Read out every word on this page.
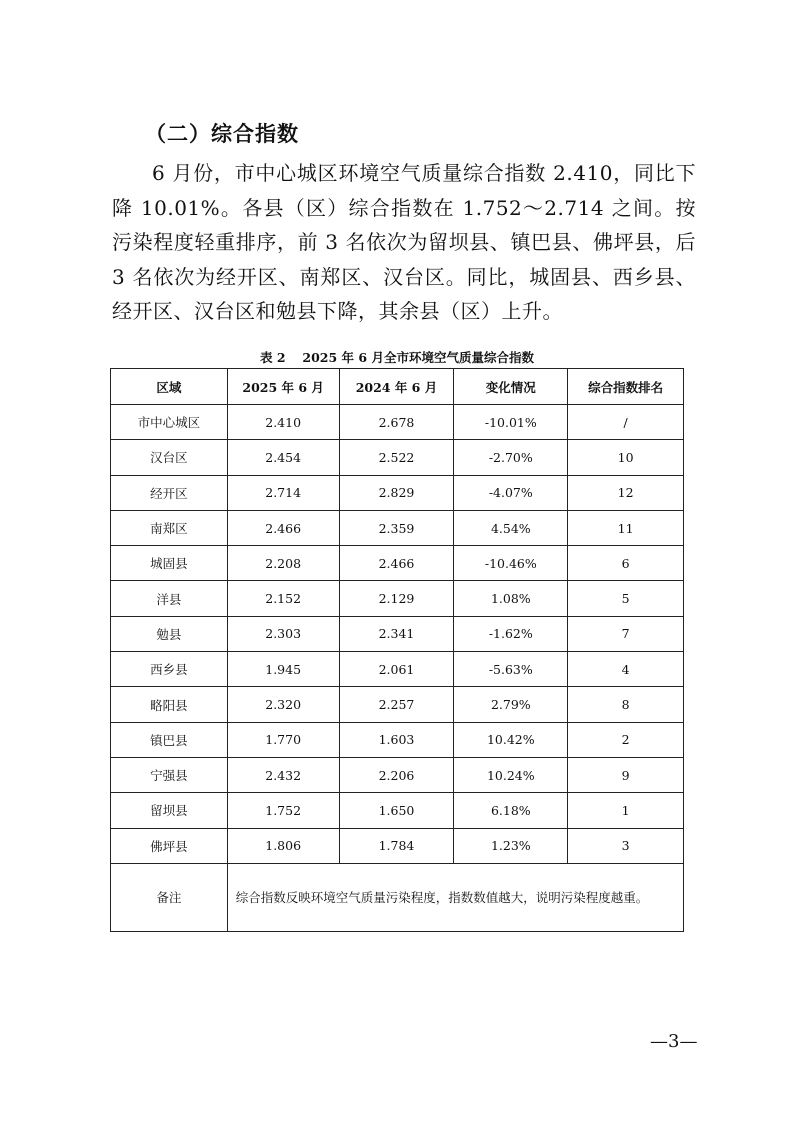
（二）综合指数

6 月份，市中心城区环境空气质量综合指数 2.410，同比下降 10.01%。各县（区）综合指数在 1.752～2.714 之间。按污染程度轻重排序，前 3 名依次为留坝县、镇巴县、佛坪县，后 3 名依次为经开区、南郑区、汉台区。同比，城固县、西乡县、经开区、汉台区和勉县下降，其余县（区）上升。

表 2　 2025 年 6 月全市环境空气质量综合指数
区域	2025 年 6 月	2024 年 6 月	变化情况	综合指数排名
市中心城区	2.410	2.678	-10.01%	/
汉台区	2.454	2.522	-2.70%	10
经开区	2.714	2.829	-4.07%	12
南郑区	2.466	2.359	4.54%	11
城固县	2.208	2.466	-10.46%	6
洋县	2.152	2.129	1.08%	5
勉县	2.303	2.341	-1.62%	7
西乡县	1.945	2.061	-5.63%	4
略阳县	2.320	2.257	2.79%	8
镇巴县	1.770	1.603	10.42%	2
宁强县	2.432	2.206	10.24%	9
留坝县	1.752	1.650	6.18%	1
佛坪县	1.806	1.784	1.23%	3
备注	综合指数反映环境空气质量污染程度，指数数值越大，说明污染程度越重。			
—3—
